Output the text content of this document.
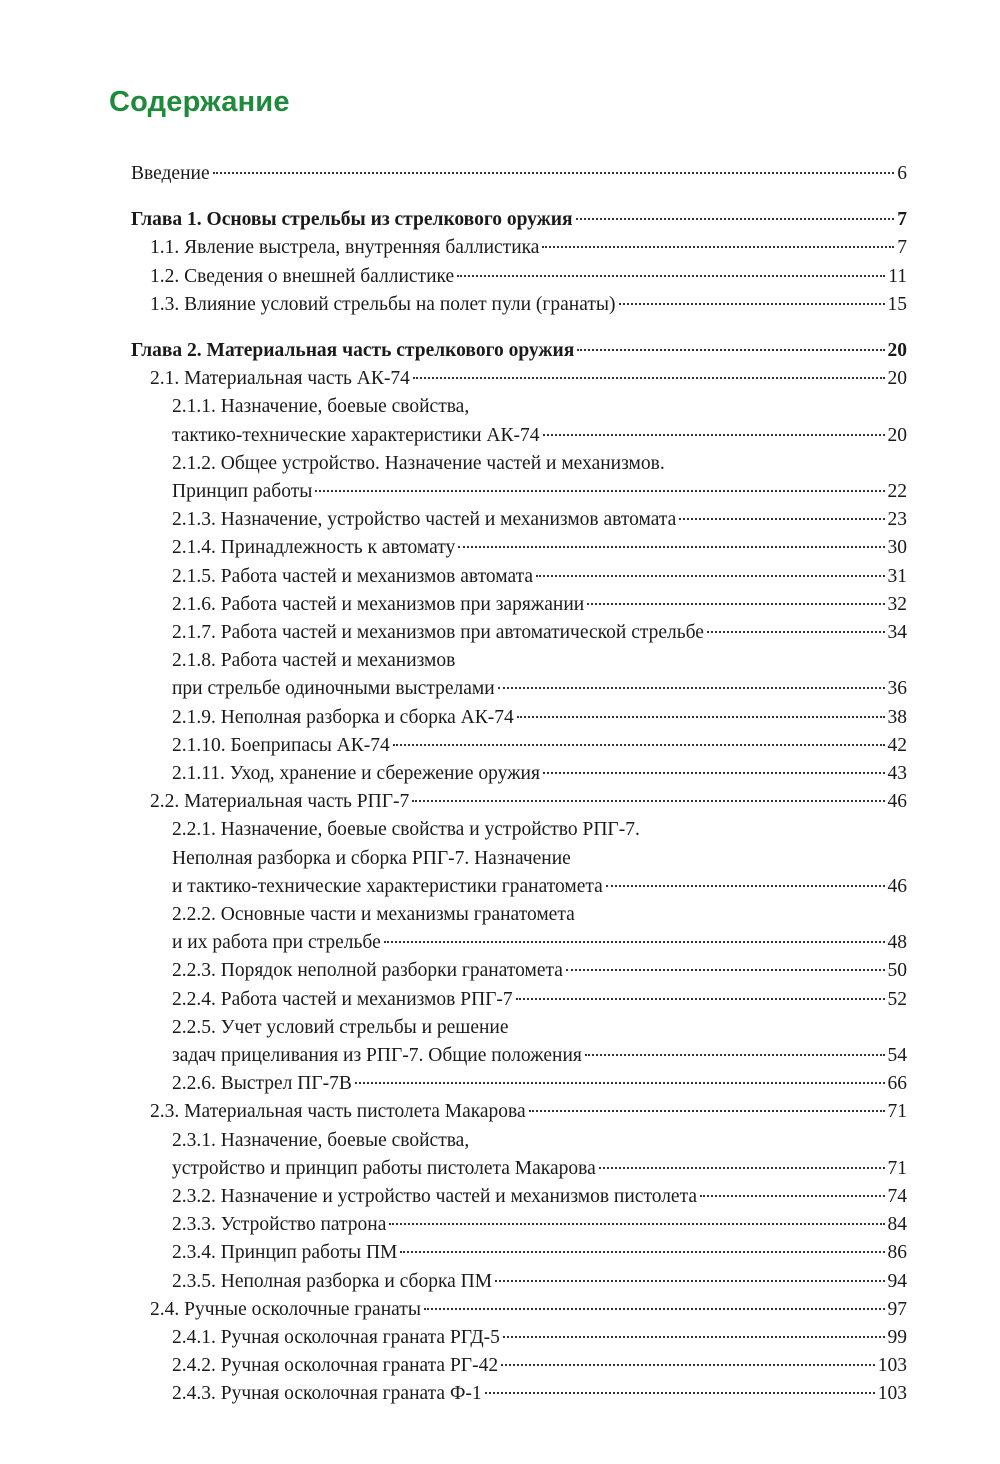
Содержание
Введение	6
Глава 1. Основы стрельбы из стрелкового оружия	7
1.1. Явление выстрела, внутренняя баллистика	7
1.2. Сведения о внешней баллистике	11
1.3. Влияние условий стрельбы на полет пули (гранаты)	15
Глава 2. Материальная часть стрелкового оружия	20
2.1. Материальная часть АК-74	20
2.1.1. Назначение, боевые свойства,
тактико-технические характеристики АК-74	20
2.1.2. Общее устройство. Назначение частей и механизмов.
Принцип работы	22
2.1.3. Назначение, устройство частей и механизмов автомата	23
2.1.4. Принадлежность к автомату	30
2.1.5. Работа частей и механизмов автомата	31
2.1.6. Работа частей и механизмов при заряжании	32
2.1.7. Работа частей и механизмов при автоматической стрельбе	34
2.1.8. Работа частей и механизмов
при стрельбе одиночными выстрелами	36
2.1.9. Неполная разборка и сборка АК-74	38
2.1.10. Боеприпасы АК-74	42
2.1.11. Уход, хранение и сбережение оружия	43
2.2. Материальная часть РПГ-7	46
2.2.1. Назначение, боевые свойства и устройство РПГ-7.
Неполная разборка и сборка РПГ-7. Назначение
и тактико-технические характеристики гранатомета	46
2.2.2. Основные части и механизмы гранатомета
и их работа при стрельбе	48
2.2.3. Порядок неполной разборки гранатомета	50
2.2.4. Работа частей и механизмов РПГ-7	52
2.2.5. Учет условий стрельбы и решение
задач прицеливания из РПГ-7. Общие положения	54
2.2.6. Выстрел ПГ-7В	66
2.3. Материальная часть пистолета Макарова	71
2.3.1. Назначение, боевые свойства,
устройство и принцип работы пистолета Макарова	71
2.3.2. Назначение и устройство частей и механизмов пистолета	74
2.3.3. Устройство патрона	84
2.3.4. Принцип работы ПМ	86
2.3.5. Неполная разборка и сборка ПМ	94
2.4. Ручные осколочные гранаты	97
2.4.1. Ручная осколочная граната РГД-5	99
2.4.2. Ручная осколочная граната РГ-42	103
2.4.3. Ручная осколочная граната Ф-1	103
